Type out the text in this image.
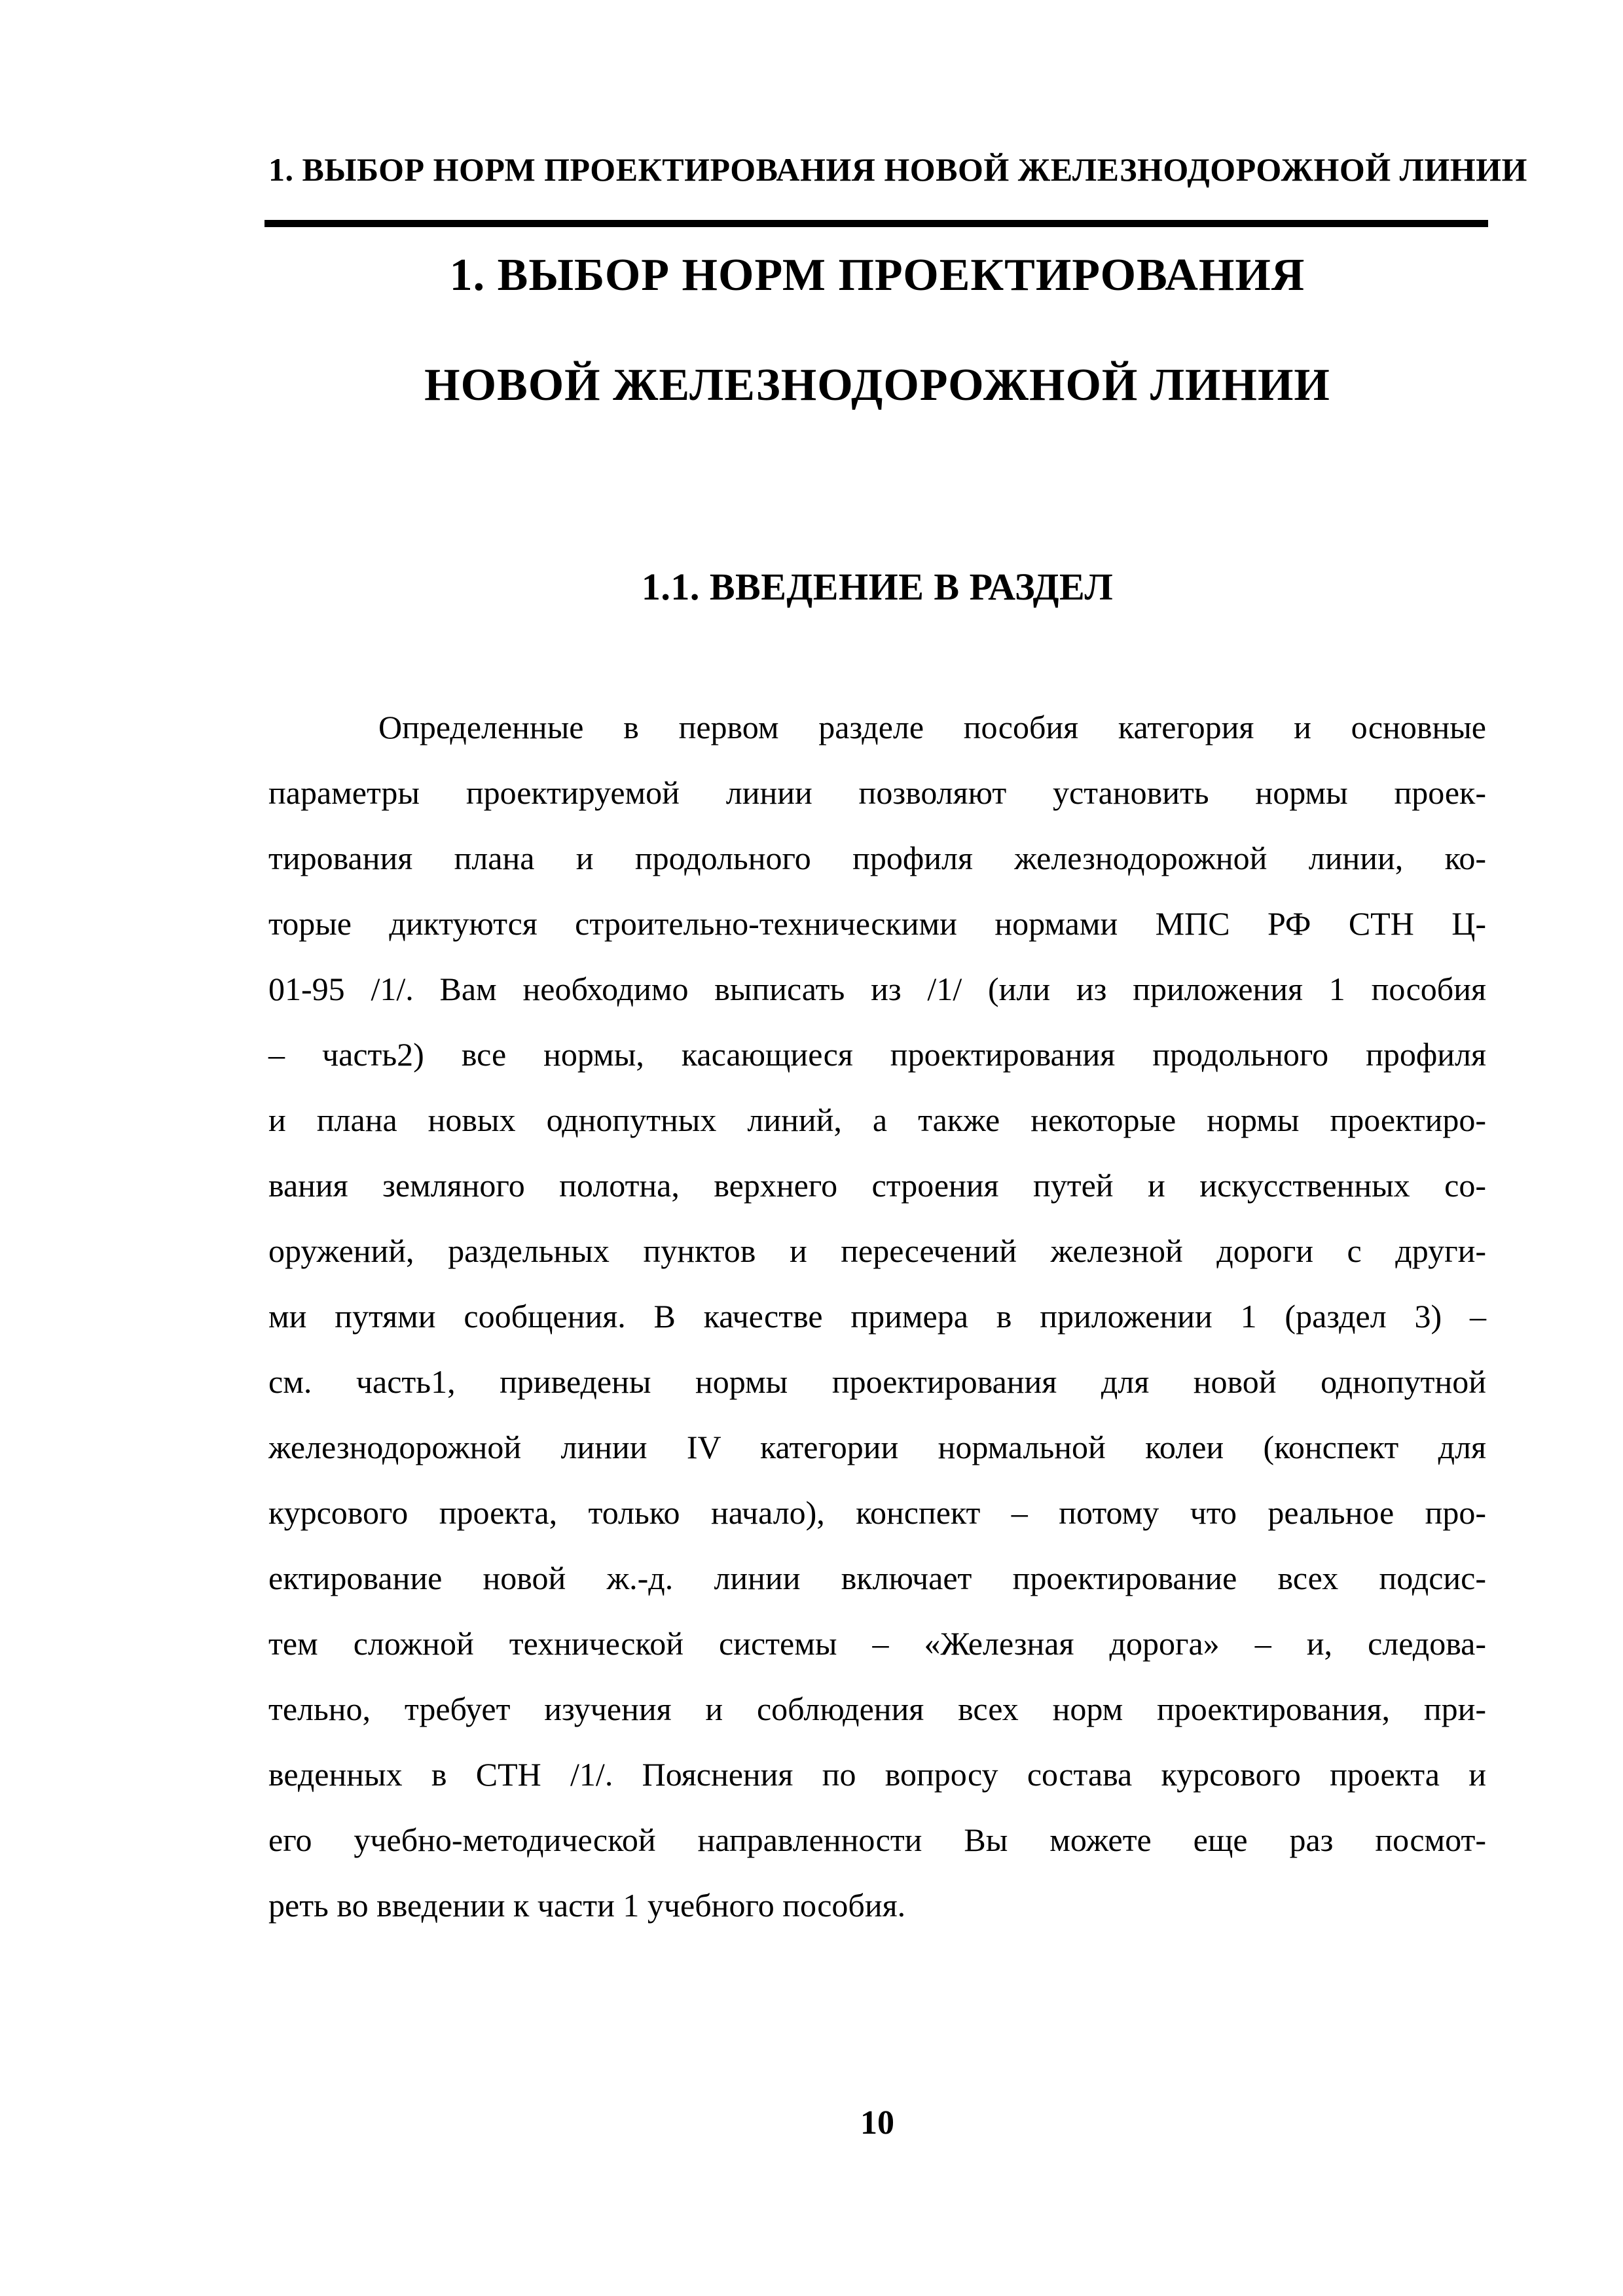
1. ВЫБОР НОРМ ПРОЕКТИРОВАНИЯ НОВОЙ ЖЕЛЕЗНОДОРОЖНОЙ ЛИНИИ
1. ВЫБОР НОРМ ПРОЕКТИРОВАНИЯ
НОВОЙ ЖЕЛЕЗНОДОРОЖНОЙ ЛИНИИ
1.1. ВВЕДЕНИЕ В РАЗДЕЛ
Определенные в первом разделе пособия категория и основные
параметры проектируемой линии позволяют установить нормы проек-
тирования плана и продольного профиля железнодорожной линии, ко-
торые диктуются строительно-техническими нормами МПС РФ СТН Ц-
01-95 /1/. Вам необходимо выписать из /1/ (или из приложения 1 пособия
– часть2) все нормы, касающиеся проектирования продольного профиля
и плана новых однопутных линий, а также некоторые нормы проектиро-
вания земляного полотна, верхнего строения путей и искусственных со-
оружений, раздельных пунктов и пересечений железной дороги с други-
ми путями сообщения. В качестве примера в приложении 1 (раздел 3) –
см. часть1, приведены нормы проектирования для новой однопутной
железнодорожной линии IV категории нормальной колеи (конспект для
курсового проекта, только начало), конспект – потому что реальное про-
ектирование новой ж.-д. линии включает проектирование всех подсис-
тем сложной технической системы – «Железная дорога» – и, следова-
тельно, требует изучения и соблюдения всех норм проектирования, при-
веденных в СТН /1/. Пояснения по вопросу состава курсового проекта и
его учебно-методической направленности Вы можете еще раз посмот-
реть во введении к части 1 учебного пособия.
10
